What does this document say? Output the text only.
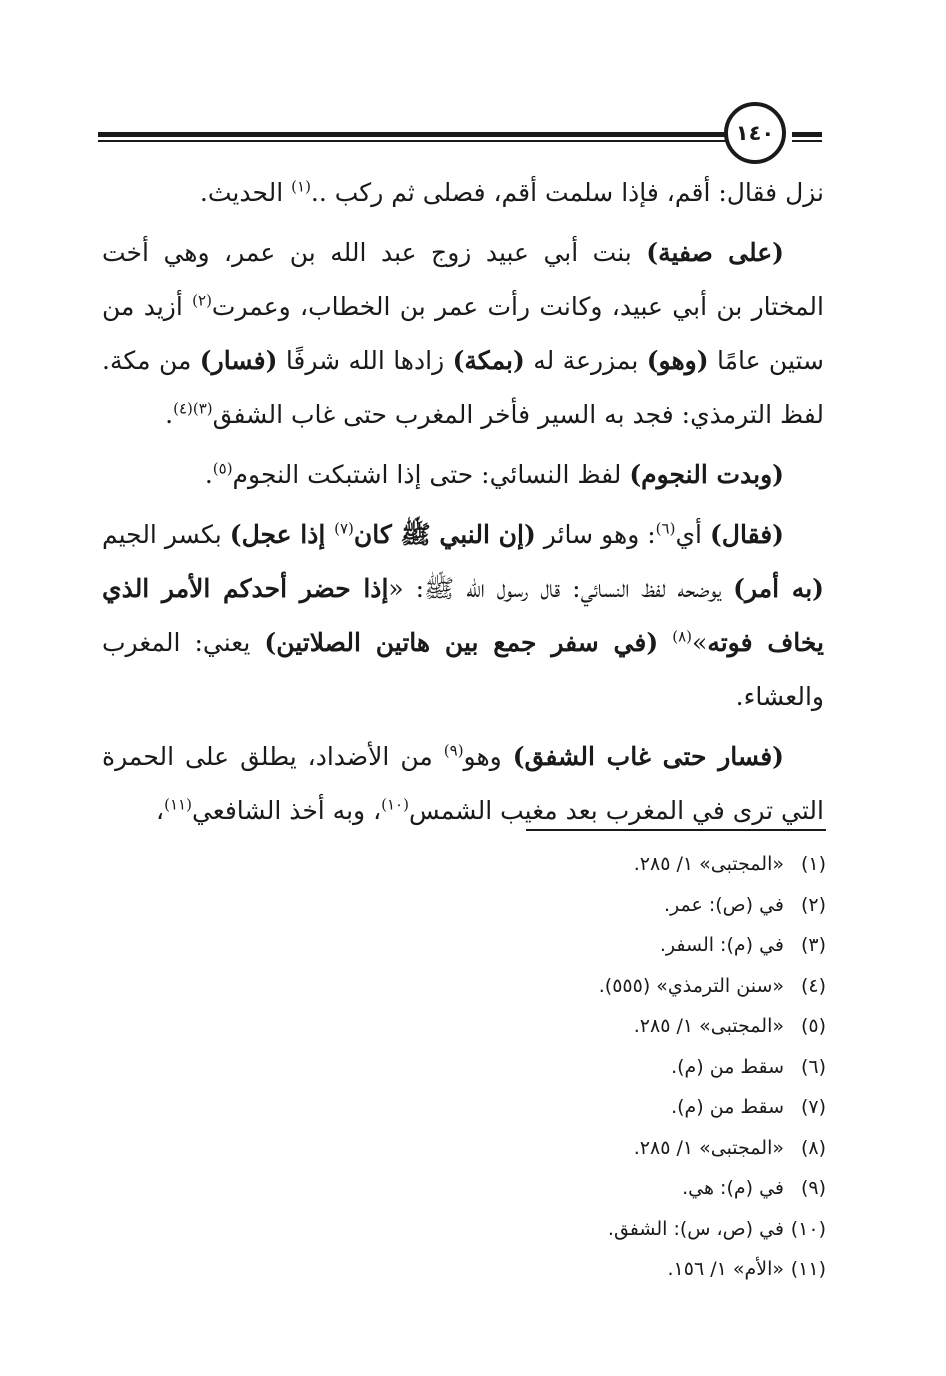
١٤٠

نزل فقال: أقم، فإذا سلمت أقم، فصلى ثم ركب ..$^{(١)}$ الحديث.

(على صفية) بنت أبي عبيد زوج عبد الله بن عمر، وهي أخت المختار بن أبي عبيد، وكانت رأت عمر بن الخطاب، وعمرت$^{(٢)}$ أزيد من ستين عامًا (وهو) بمزرعة له (بمكة) زادها الله شرفًا (فسار) من مكة. لفظ الترمذي: فجد به السير فأخر المغرب حتى غاب الشفق$^{(٣)(٤)}$.

(وبدت النجوم) لفظ النسائي: حتى إذا اشتبكت النجوم$^{(٥)}$.

(فقال) أي$^{(٦)}$: وهو سائر (إن النبي ﷺ كان$^{(٧)}$ إذا عجل) بكسر الجيم (به أمر) يوضحه لفظ النسائي: قال رسول الله ﷺ: «إذا حضر أحدكم الأمر الذي يخاف فوته»$^{(٨)}$ (في سفر جمع بين هاتين الصلاتين) يعني: المغرب والعشاء.

(فسار حتى غاب الشفق) وهو$^{(٩)}$ من الأضداد، يطلق على الحمرة التي ترى في المغرب بعد مغيب الشمس$^{(١٠)}$، وبه أخذ الشافعي$^{(١١)}$،

(١)«المجتبى» ١/ ٢٨٥.
(٢)في (ص): عمر.
(٣)في (م): السفر.
(٤)«سنن الترمذي» (٥٥٥).
(٥)«المجتبى» ١/ ٢٨٥.
(٦)سقط من (م).
(٧)سقط من (م).
(٨)«المجتبى» ١/ ٢٨٥.
(٩)في (م): هي.
(١٠)في (ص، س): الشفق.
(١١)«الأم» ١/ ١٥٦.
